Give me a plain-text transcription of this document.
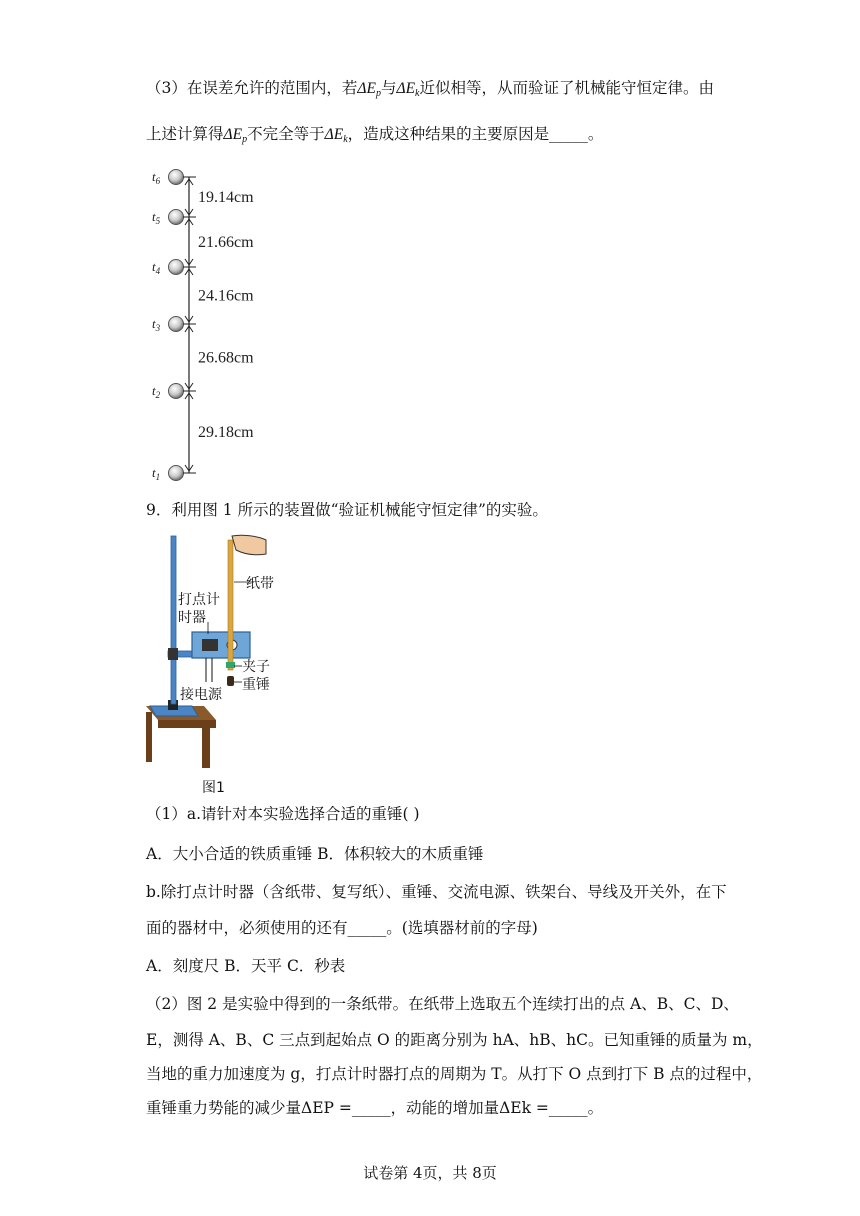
（3）在误差允许的范围内，若$\Delta E_p$与$\Delta E_k$近似相等，从而验证了机械能守恒定律。由
上述计算得$\Delta E_p$不完全等于$\Delta E_k$，造成这种结果的主要原因是_____。
$t_6$
$t_5$
$t_4$
$t_3$
$t_2$
$t_1$
19.14cm
21.66cm
24.16cm
26.68cm
29.18cm
9．利用图 1 所示的装置做“验证机械能守恒定律”的实验。
纸带
打点计
时器
夹子
重锤
接电源
图1
（1）a.请针对本实验选择合适的重锤( )
A．大小合适的铁质重锤 B．体积较大的木质重锤
b.除打点计时器（含纸带、复写纸）、重锤、交流电源、铁架台、导线及开关外，在下
面的器材中，必须使用的还有_____。(选填器材前的字母)
A．刻度尺 B．天平 C．秒表
（2）图 2 是实验中得到的一条纸带。在纸带上选取五个连续打出的点 A、B、C、D、
E，测得 A、B、C 三点到起始点 O 的距离分别为 hA、hB、hC。已知重锤的质量为 m，
当地的重力加速度为 g，打点计时器打点的周期为 T。从打下 O 点到打下 B 点的过程中，
重锤重力势能的减少量ΔEP =_____，动能的增加量ΔEk =_____。
试卷第 4页，共 8页
